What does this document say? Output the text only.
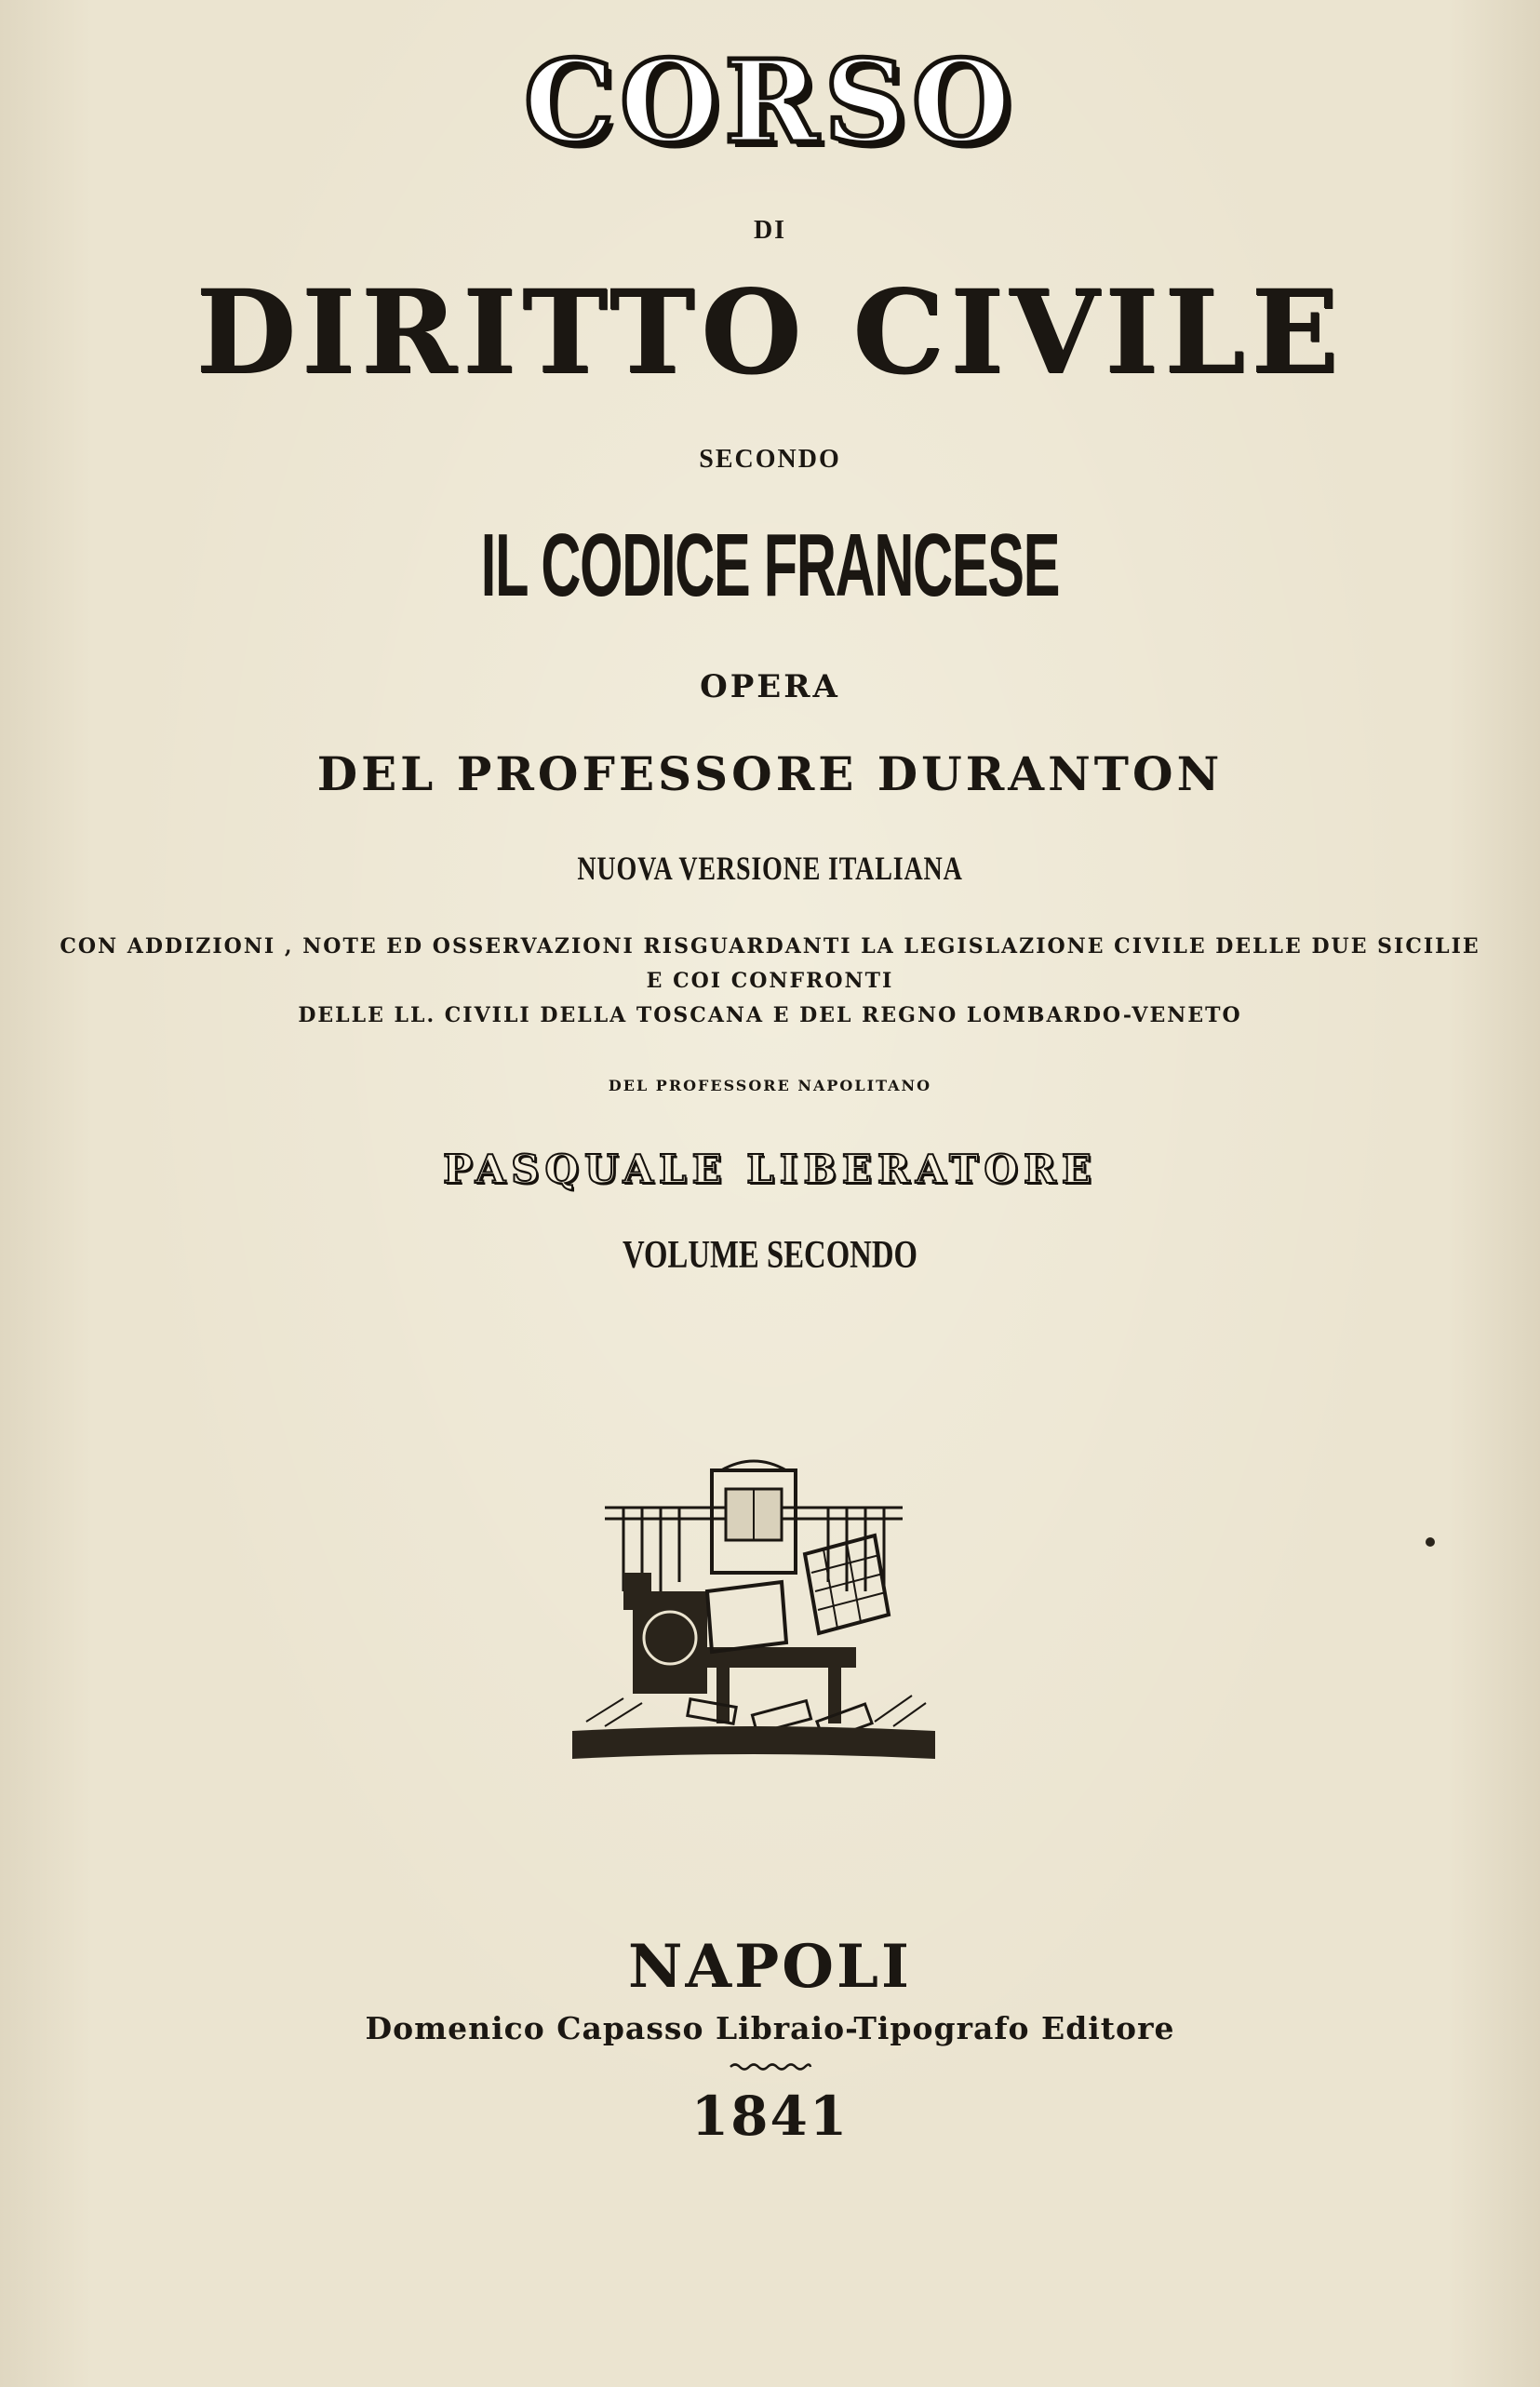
CORSO
DI
DIRITTO CIVILE
SECONDO
IL CODICE FRANCESE
OPERA
DEL PROFESSORE DURANTON
NUOVA VERSIONE ITALIANA
CON ADDIZIONI , NOTE ED OSSERVAZIONI RISGUARDANTI LA LEGISLAZIONE CIVILE DELLE DUE SICILIE
E COI CONFRONTI
DELLE LL. CIVILI DELLA TOSCANA E DEL REGNO LOMBARDO-VENETO
DEL PROFESSORE NAPOLITANO
PASQUALE LIBERATORE
VOLUME SECONDO
NAPOLI
Domenico Capasso Libraio-Tipografo Editore
1841
